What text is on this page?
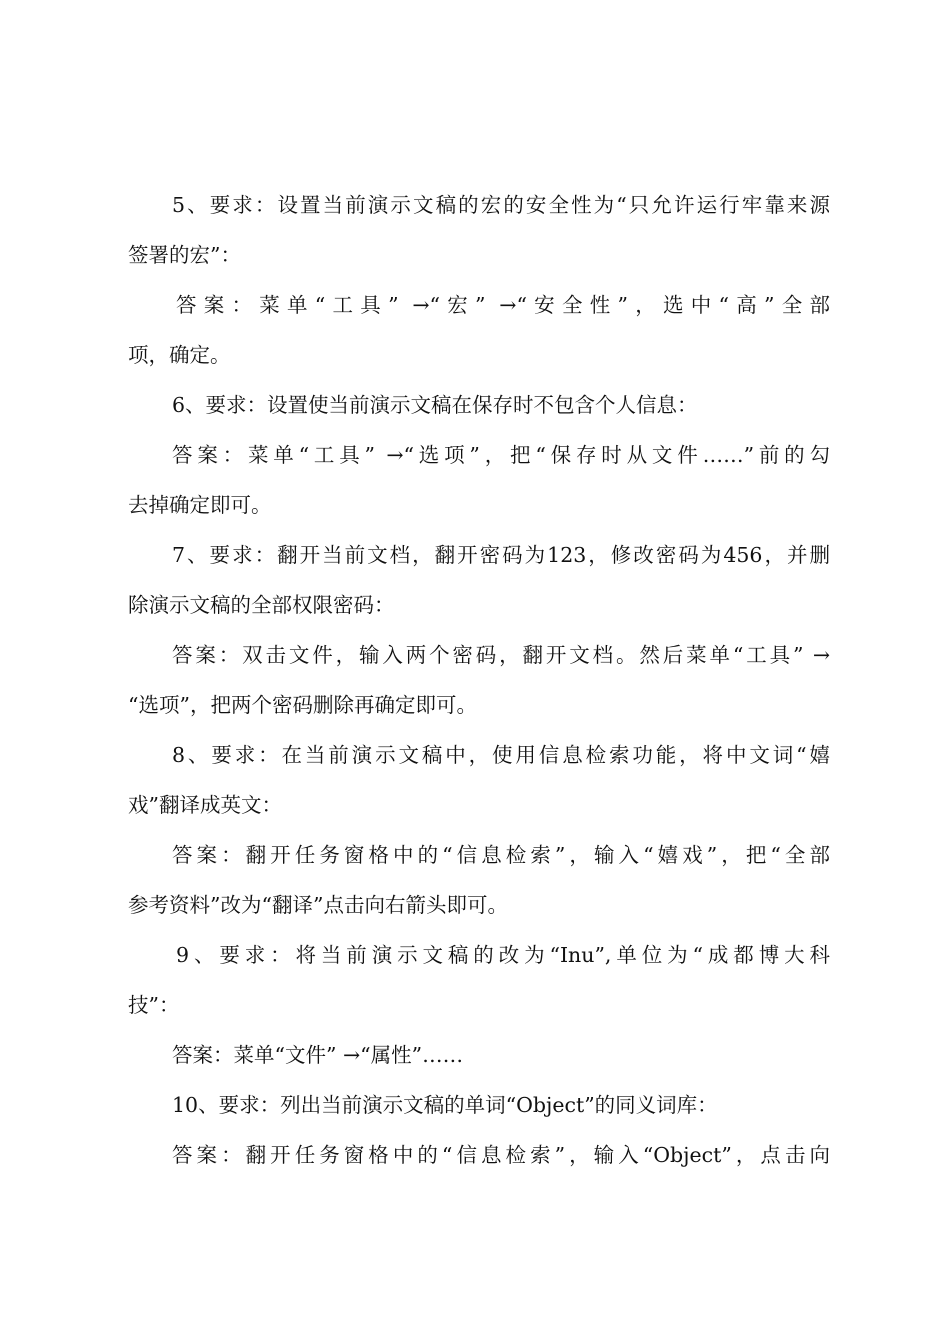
5、要求：设置当前演示文稿的宏的安全性为“只允许运行牢靠来源
签署的宏”：
答案：菜单“工具” →“宏” →“安全性”，选中“高”全部
项，确定。
6、要求：设置使当前演示文稿在保存时不包含个人信息：
答案：菜单“工具” →“选项”，把“保存时从文件……”前的勾
去掉确定即可。
7、要求：翻开当前文档，翻开密码为123，修改密码为456，并删
除演示文稿的全部权限密码：
答案：双击文件，输入两个密码，翻开文档。然后菜单“工具” →
“选项”，把两个密码删除再确定即可。
8、要求：在当前演示文稿中，使用信息检索功能，将中文词“嬉
戏”翻译成英文：
答案：翻开任务窗格中的“信息检索”，输入“嬉戏”，把“全部
参考资料”改为“翻译”点击向右箭头即可。
9、要求：将当前演示文稿的改为“Inu”,单位为“成都博大科
技”：
答案：菜单“文件” →“属性”……
10、要求：列出当前演示文稿的单词“Object”的同义词库：
答案：翻开任务窗格中的“信息检索”，输入“Object”，点击向
